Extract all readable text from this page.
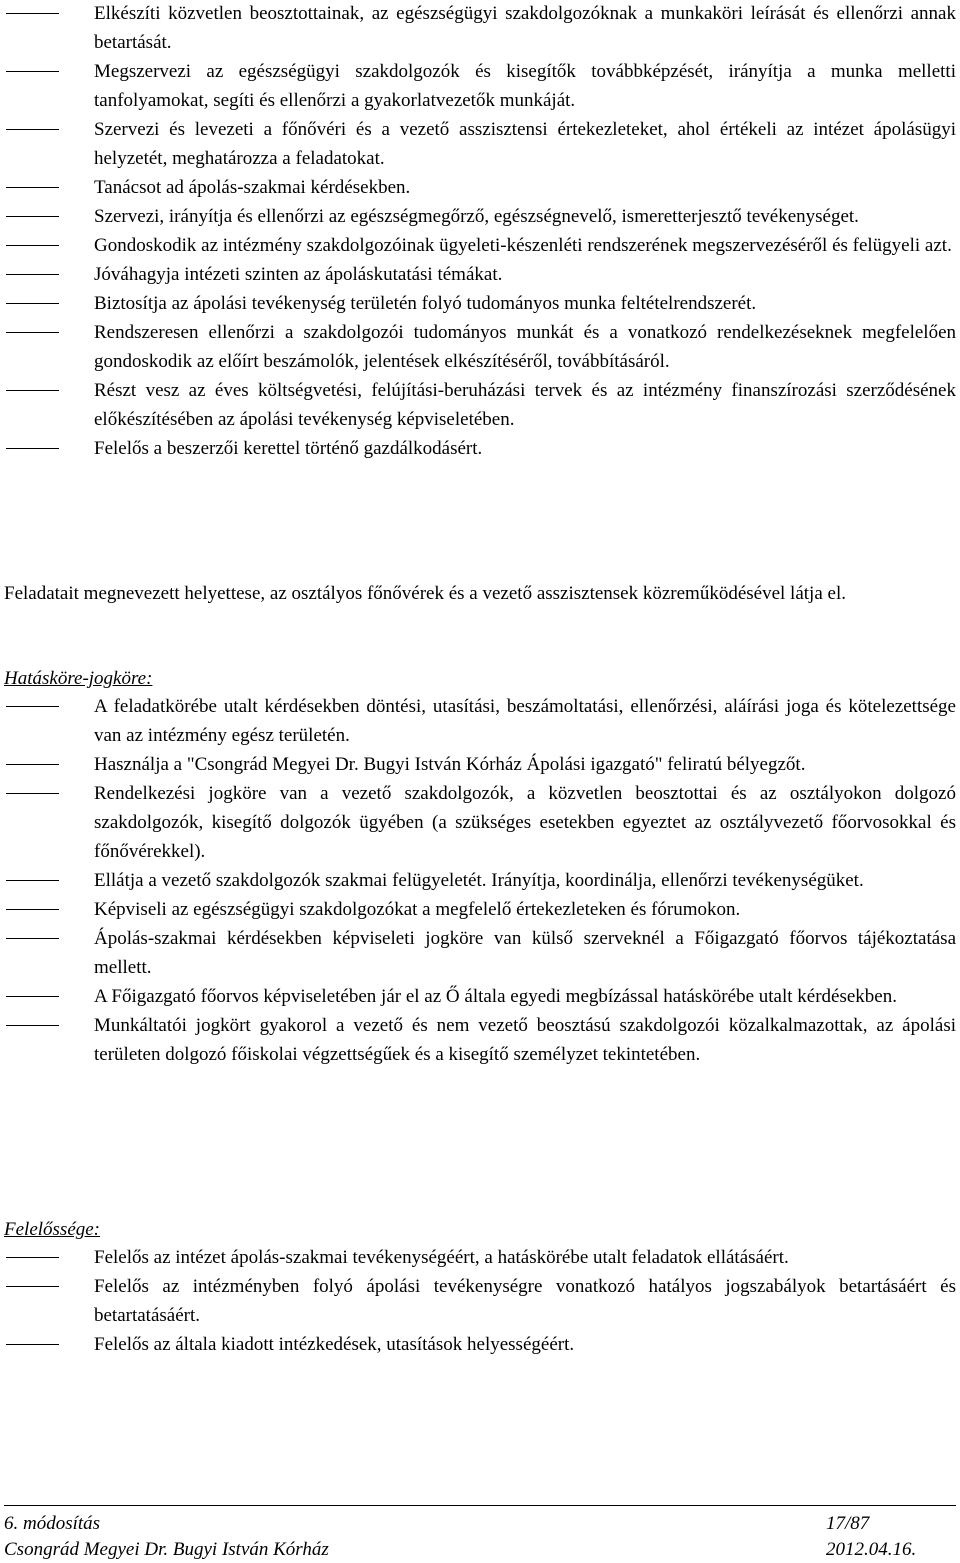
Elkészíti közvetlen beosztottainak, az egészségügyi szakdolgozóknak a munkaköri leírását és ellenőrzi annak betartását.
Megszervezi az egészségügyi szakdolgozók és kisegítők továbbképzését, irányítja a munka melletti tanfolyamokat, segíti és ellenőrzi a gyakorlatvezetők munkáját.
Szervezi és levezeti a főnővéri és a vezető asszisztensi értekezleteket, ahol értékeli az intézet ápolásügyi helyzetét, meghatározza a feladatokat.
Tanácsot ad ápolás-szakmai kérdésekben.
Szervezi, irányítja és ellenőrzi az egészségmegőrző, egészségnevelő, ismeretterjesztő tevékenységet.
Gondoskodik az intézmény szakdolgozóinak ügyeleti-készenléti rendszerének megszervezéséről és felügyeli azt.
Jóváhagyja intézeti szinten az ápoláskutatási témákat.
Biztosítja az ápolási tevékenység területén folyó tudományos munka feltételrendszerét.
Rendszeresen ellenőrzi a szakdolgozói tudományos munkát és a vonatkozó rendelkezéseknek megfelelően gondoskodik az előírt beszámolók, jelentések elkészítéséről, továbbításáról.
Részt vesz az éves költségvetési, felújítási-beruházási tervek és az intézmény finanszírozási szerződésének előkészítésében az ápolási tevékenység képviseletében.
Felelős a beszerzői kerettel történő gazdálkodásért.

Feladatait megnevezett helyettese, az osztályos főnővérek és a vezető asszisztensek közreműködésével látja el.

Hatásköre-jogköre:

A feladatkörébe utalt kérdésekben döntési, utasítási, beszámoltatási, ellenőrzési, aláírási joga és kötelezettsége van az intézmény egész területén.
Használja a "Csongrád Megyei Dr. Bugyi István Kórház Ápolási igazgató" feliratú bélyegzőt.
Rendelkezési jogköre van a vezető szakdolgozók, a közvetlen beosztottai és az osztályokon dolgozó szakdolgozók, kisegítő dolgozók ügyében (a szükséges esetekben egyeztet az osztályvezető főorvosokkal és főnővérekkel).
Ellátja a vezető szakdolgozók szakmai felügyeletét. Irányítja, koordinálja, ellenőrzi tevékenységüket.
Képviseli az egészségügyi szakdolgozókat a megfelelő értekezleteken és fórumokon.
Ápolás-szakmai kérdésekben képviseleti jogköre van külső szerveknél a Főigazgató főorvos tájékoztatása mellett.
A Főigazgató főorvos képviseletében jár el az Ő általa egyedi megbízással hatáskörébe utalt kérdésekben.
Munkáltatói jogkört gyakorol a vezető és nem vezető beosztású szakdolgozói közalkalmazottak, az ápolási területen dolgozó főiskolai végzettségűek és a kisegítő személyzet tekintetében.

Felelőssége:

Felelős az intézet ápolás-szakmai tevékenységéért, a hatáskörébe utalt feladatok ellátásáért.
Felelős az intézményben folyó ápolási tevékenységre vonatkozó hatályos jogszabályok betartásáért és betartatásáért.
Felelős az általa kiadott intézkedések, utasítások helyességéért.
6. módosítás	17/87
Csongrád Megyei Dr. Bugyi István Kórház	2012.04.16.
